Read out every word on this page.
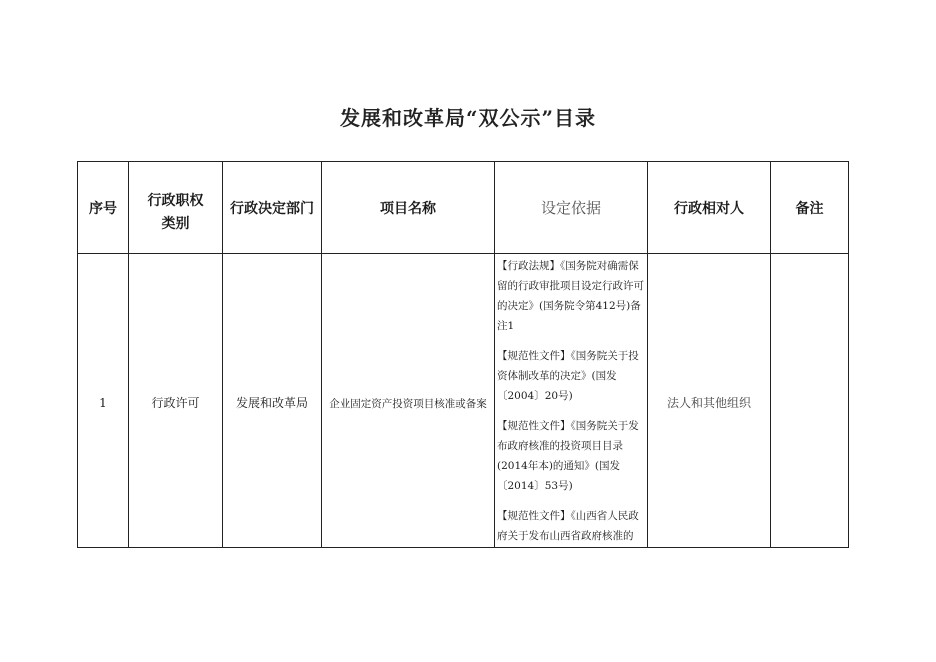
发展和改革局“双公示”目录
序号	行政职权
类别	行政决定部门	项目名称	设定依据	行政相对人	备注

1	行政许可	发展和改革局	企业固定资产投资项目核准或备案	【行政法规】《国务院对确需保留的行政审批项目设定行政许可的决定》(国务院令第412号)备注1
【规范性文件】《国务院关于投资体制改革的决定》(国发〔2004〕20号)
【规范性文件】《国务院关于发布政府核准的投资项目目录(2014年本)的通知》(国发〔2014〕53号)
【规范性文件】《山西省人民政府关于发布山西省政府核准的	法人和其他组织	
